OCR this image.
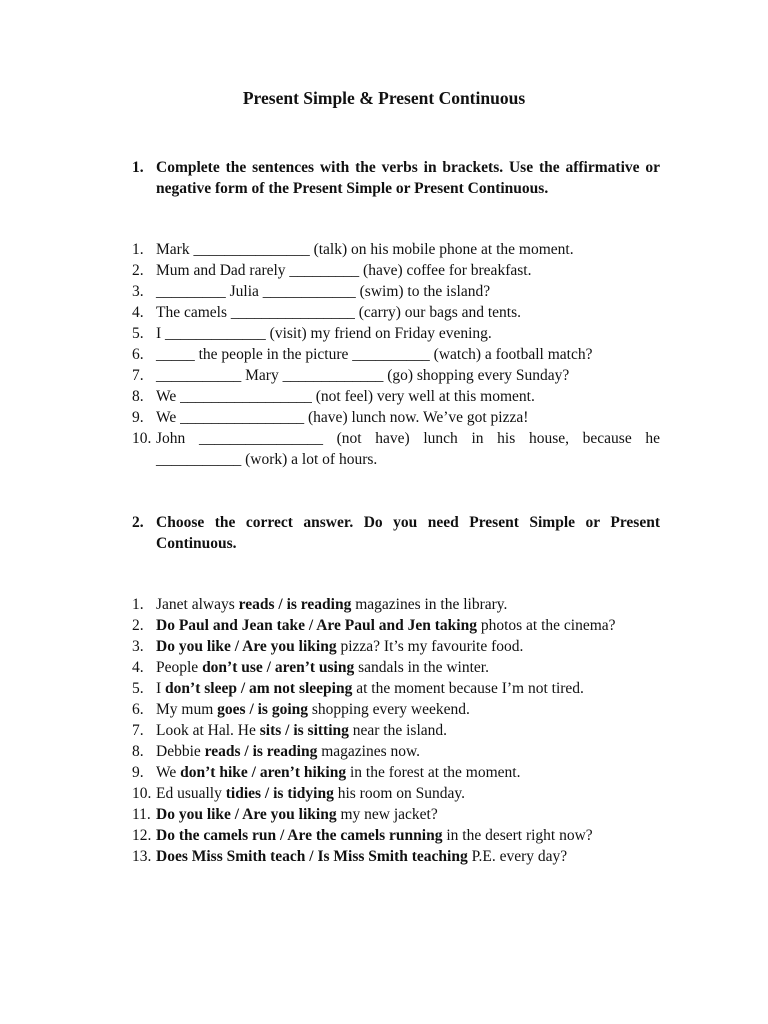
Present Simple & Present Continuous
1. Complete the sentences with the verbs in brackets. Use the affirmative or negative form of the Present Simple or Present Continuous.
1. Mark _______________ (talk) on his mobile phone at the moment.
2. Mum and Dad rarely _________ (have) coffee for breakfast.
3. _________ Julia ____________ (swim) to the island?
4. The camels ________________ (carry) our bags and tents.
5. I _____________ (visit) my friend on Friday evening.
6. _____ the people in the picture __________ (watch) a football match?
7. ___________ Mary _____________ (go) shopping every Sunday?
8. We _________________ (not feel) very well at this moment.
9. We ________________ (have) lunch now. We’ve got pizza!
10. John ________________ (not have) lunch in his house, because he ___________ (work) a lot of hours.
2. Choose the correct answer. Do you need Present Simple or Present Continuous.
1. Janet always reads / is reading magazines in the library.
2. Do Paul and Jean take / Are Paul and Jen taking photos at the cinema?
3. Do you like / Are you liking pizza? It’s my favourite food.
4. People don’t use / aren’t using sandals in the winter.
5. I don’t sleep / am not sleeping at the moment because I’m not tired.
6. My mum goes / is going shopping every weekend.
7. Look at Hal. He sits / is sitting near the island.
8. Debbie reads / is reading magazines now.
9. We don’t hike / aren’t hiking in the forest at the moment.
10. Ed usually tidies / is tidying his room on Sunday.
11. Do you like / Are you liking my new jacket?
12. Do the camels run / Are the camels running in the desert right now?
13. Does Miss Smith teach / Is Miss Smith teaching P.E. every day?
